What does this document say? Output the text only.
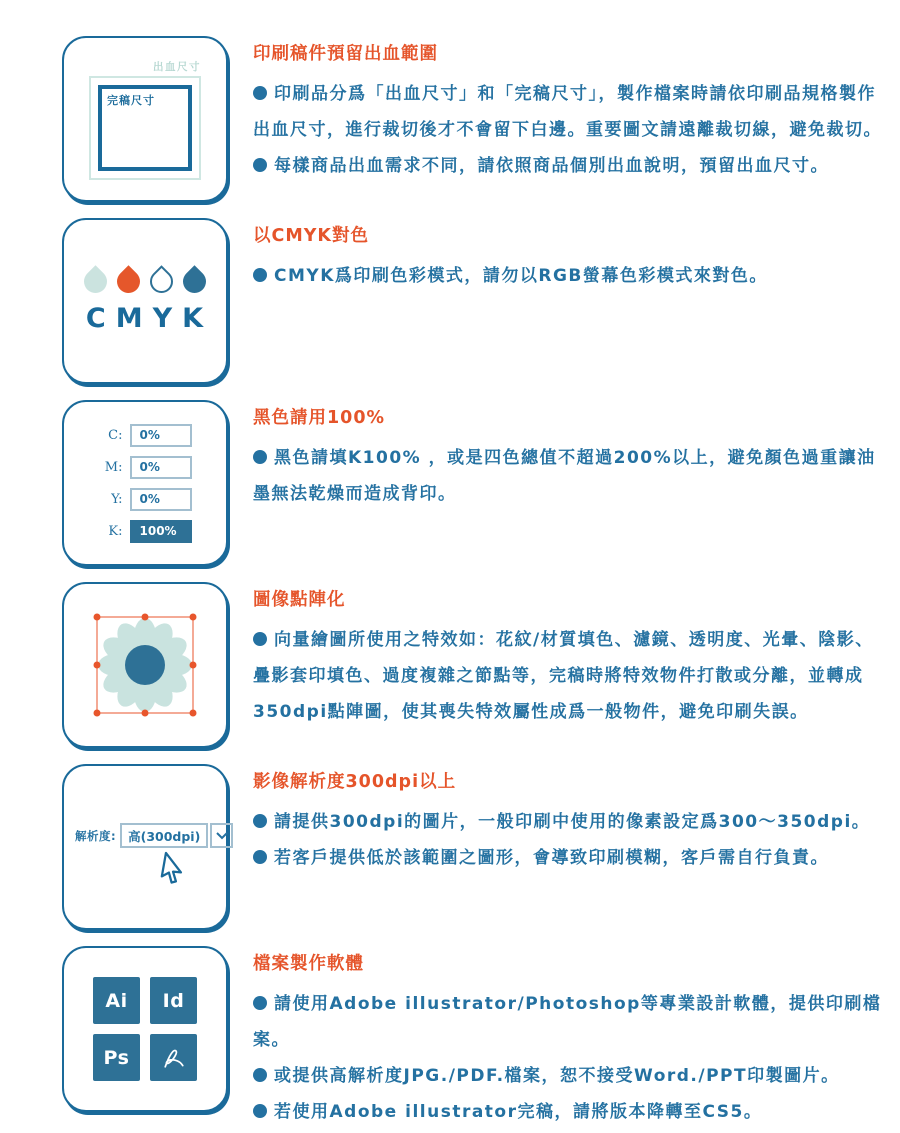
出血尺寸
完稿尺寸
印刷稿件預留出血範圍

印刷品分爲「出血尺寸」和「完稿尺寸」，製作檔案時請依印刷品規格製作出血尺寸，進行裁切後才不會留下白邊。重要圖文請遠離裁切線，避免裁切。

每樣商品出血需求不同，請依照商品個別出血說明，預留出血尺寸。

CMYK
以CMYK對色

CMYK爲印刷色彩模式，請勿以RGB螢幕色彩模式來對色。

C:	0%
M:	0%
Y:	0%
K:	100%
黑色請用100%

黑色請填K100% ，或是四色總值不超過200%以上，避免顏色過重讓油墨無法乾燥而造成背印。

圖像點陣化

向量繪圖所使用之特效如：花紋/材質填色、濾鏡、透明度、光暈、陰影、疊影套印填色、過度複雜之節點等，完稿時將特效物件打散或分離，並轉成350dpi點陣圖，使其喪失特效屬性成爲一般物件，避免印刷失誤。

解析度: 高(300dpi)
影像解析度300dpi以上

請提供300dpi的圖片，一般印刷中使用的像素設定爲300～350dpi。

若客戶提供低於該範圍之圖形，會導致印刷模糊，客戶需自行負責。

Ai	Id
Ps
檔案製作軟體

請使用Adobe illustrator/Photoshop等專業設計軟體，提供印刷檔案。

或提供高解析度JPG./PDF.檔案，恕不接受Word./PPT印製圖片。

若使用Adobe illustrator完稿，請將版本降轉至CS5。
